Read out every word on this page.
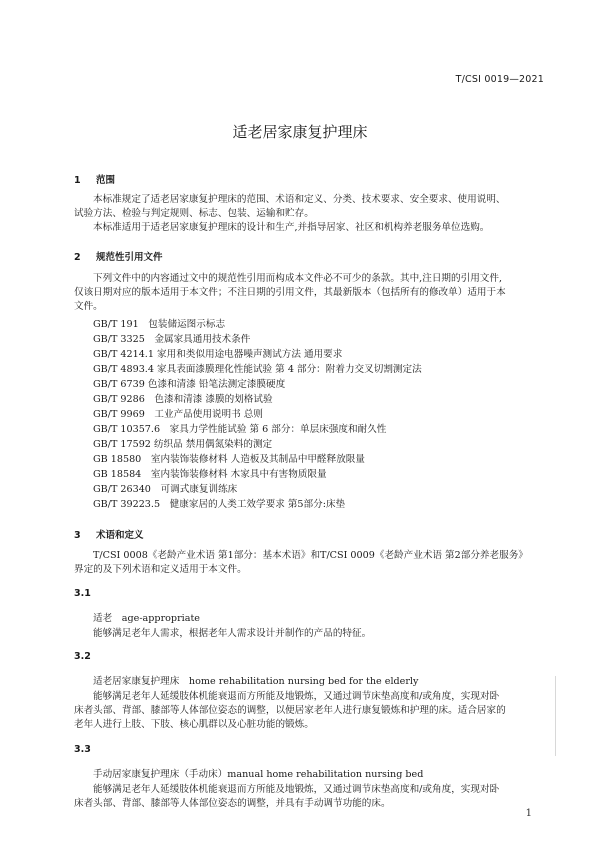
T/CSI 0019—2021
适老居家康复护理床
1 范围
本标准规定了适老居家康复护理床的范围、术语和定义、分类、技术要求、安全要求、使用说明、
试验方法、检验与判定规则、标志、包装、运输和贮存。
本标准适用于适老居家康复护理床的设计和生产,并指导居家、社区和机构养老服务单位选购。
2 规范性引用文件
下列文件中的内容通过文中的规范性引用而构成本文件必不可少的条款。其中,注日期的引用文件,
仅该日期对应的版本适用于本文件；不注日期的引用文件，其最新版本（包括所有的修改单）适用于本
文件。
GB/T 191　包装储运图示标志
GB/T 3325　金属家具通用技术条件
GB/T 4214.1 家用和类似用途电器噪声测试方法 通用要求
GB/T 4893.4 家具表面漆膜理化性能试验 第 4 部分：附着力交叉切割测定法
GB/T 6739 色漆和清漆 铅笔法测定漆膜硬度
GB/T 9286　色漆和清漆 漆膜的划格试验
GB/T 9969　工业产品使用说明书 总则
GB/T 10357.6　家具力学性能试验 第 6 部分：单层床强度和耐久性
GB/T 17592 纺织品 禁用偶氮染料的测定
GB 18580　室内装饰装修材料 人造板及其制品中甲醛释放限量
GB 18584　室内装饰装修材料 木家具中有害物质限量
GB/T 26340　可调式康复训练床
GB/T 39223.5　健康家居的人类工效学要求 第5部分:床垫
3 术语和定义
T/CSI 0008《老龄产业术语 第1部分：基本术语》和T/CSI 0009《老龄产业术语 第2部分养老服务》
界定的及下列术语和定义适用于本文件。
3.1
适老　age-appropriate
能够满足老年人需求，根据老年人需求设计并制作的产品的特征。
3.2
适老居家康复护理床　home rehabilitation nursing bed for the elderly
能够满足老年人延缓肢体机能衰退而方所能及地锻炼，又通过调节床垫高度和/或角度，实现对卧
床者头部、背部、膝部等人体部位姿态的调整，以便居家老年人进行康复锻炼和护理的床。适合居家的
老年人进行上肢、下肢、核心肌群以及心脏功能的锻炼。
3.3
手动居家康复护理床（手动床）manual home rehabilitation nursing bed
能够满足老年人延缓肢体机能衰退而方所能及地锻炼，又通过调节床垫高度和/或角度，实现对卧
床者头部、背部、膝部等人体部位姿态的调整，并具有手动调节功能的床。
1
